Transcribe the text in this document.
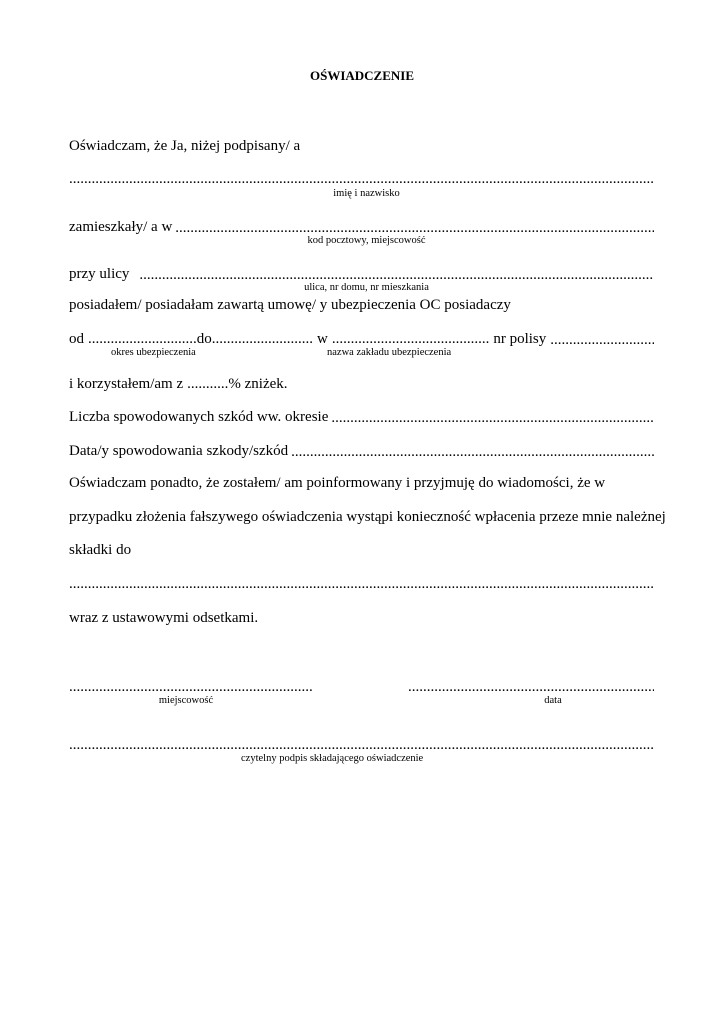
OŚWIADCZENIE
Oświadczam, że Ja, niżej podpisany/ a
.....
imię i nazwisko
zamieszkały/ a w
.....
kod pocztowy, miejscowość
przy ulicy
.....
ulica, nr domu, nr mieszkania
posiadałem/ posiadałam zawartą umowę/ y ubezpieczenia OC posiadaczy
od ............................. do ........................... w .......................................... nr polisy
.....
okres ubezpieczenia	nazwa zakładu ubezpieczenia
i korzystałem/am z ........... % zniżek.
Liczba spowodowanych szkód ww. okresie
.....
Data/y spowodowania szkody/szkód
.....
Oświadczam ponadto, że zostałem/ am poinformowany i przyjmuję do wiadomości, że w
przypadku złożenia fałszywego oświadczenia wystąpi konieczność wpłacenia przeze mnie należnej
składki do
.....
wraz z ustawowymi odsetkami.
.....
miejscowość
.....	data
.....
czytelny podpis składającego oświadczenie
